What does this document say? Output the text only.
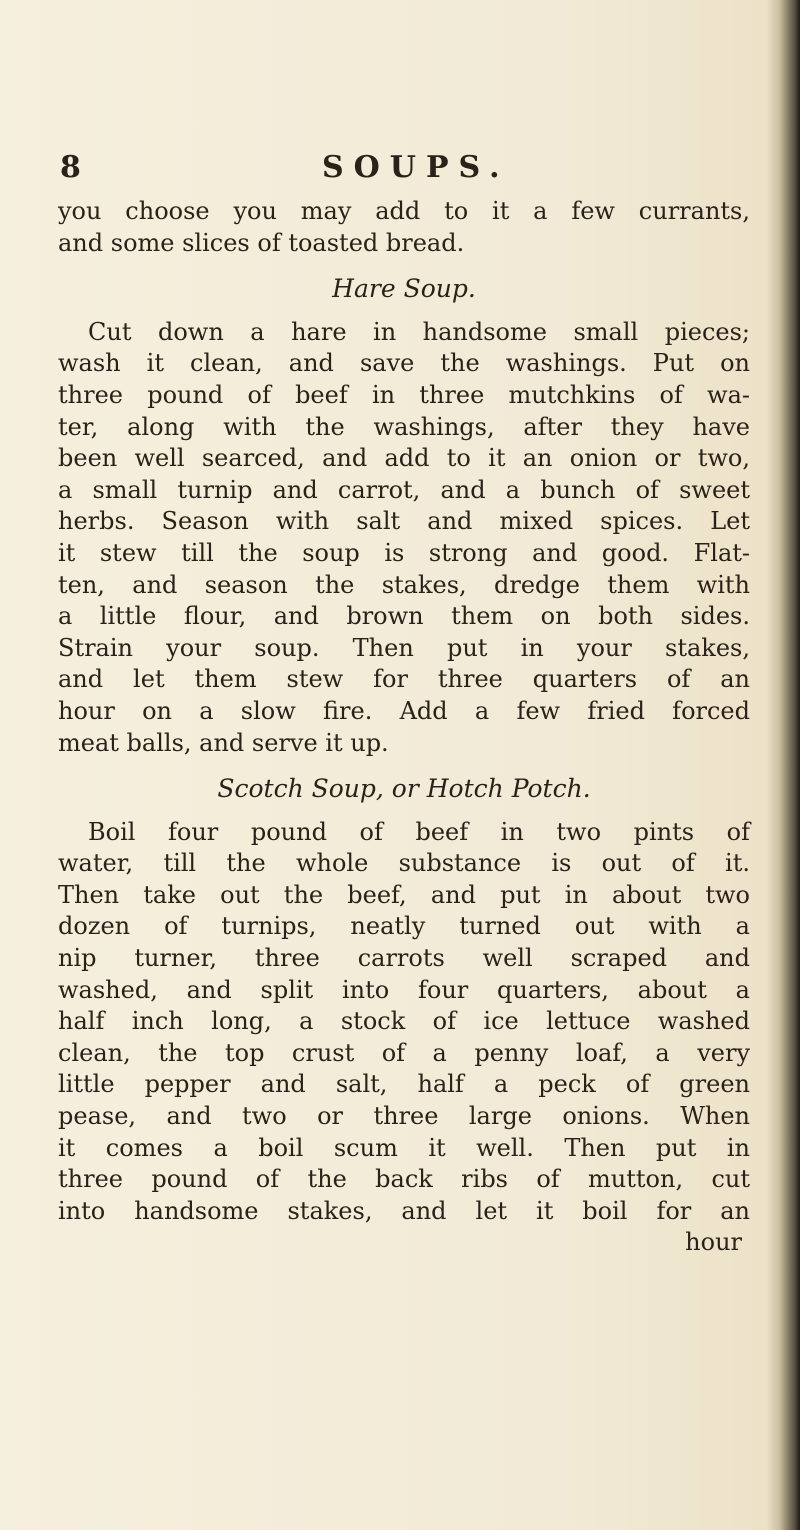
8	SOUPS.
you choose you may add to it a few currants,
and some slices of toasted bread.
Hare Soup.
Cut down a hare in handsome small pieces;
wash it clean, and save the washings. Put on
three pound of beef in three mutchkins of wa-
ter, along with the washings, after they have
been well searced, and add to it an onion or two,
a small turnip and carrot, and a bunch of sweet
herbs. Season with salt and mixed spices. Let
it stew till the soup is strong and good. Flat-
ten, and season the stakes, dredge them with
a little flour, and brown them on both sides.
Strain your soup. Then put in your stakes,
and let them stew for three quarters of an
hour on a slow fire. Add a few fried forced
meat balls, and serve it up.
Scotch Soup, or Hotch Potch.
Boil four pound of beef in two pints of
water, till the whole substance is out of it.
Then take out the beef, and put in about two
dozen of turnips, neatly turned out with a
nip turner, three carrots well scraped and
washed, and split into four quarters, about a
half inch long, a stock of ice lettuce washed
clean, the top crust of a penny loaf, a very
little pepper and salt, half a peck of green
pease, and two or three large onions. When
it comes a boil scum it well. Then put in
three pound of the back ribs of mutton, cut
into handsome stakes, and let it boil for an
hour
